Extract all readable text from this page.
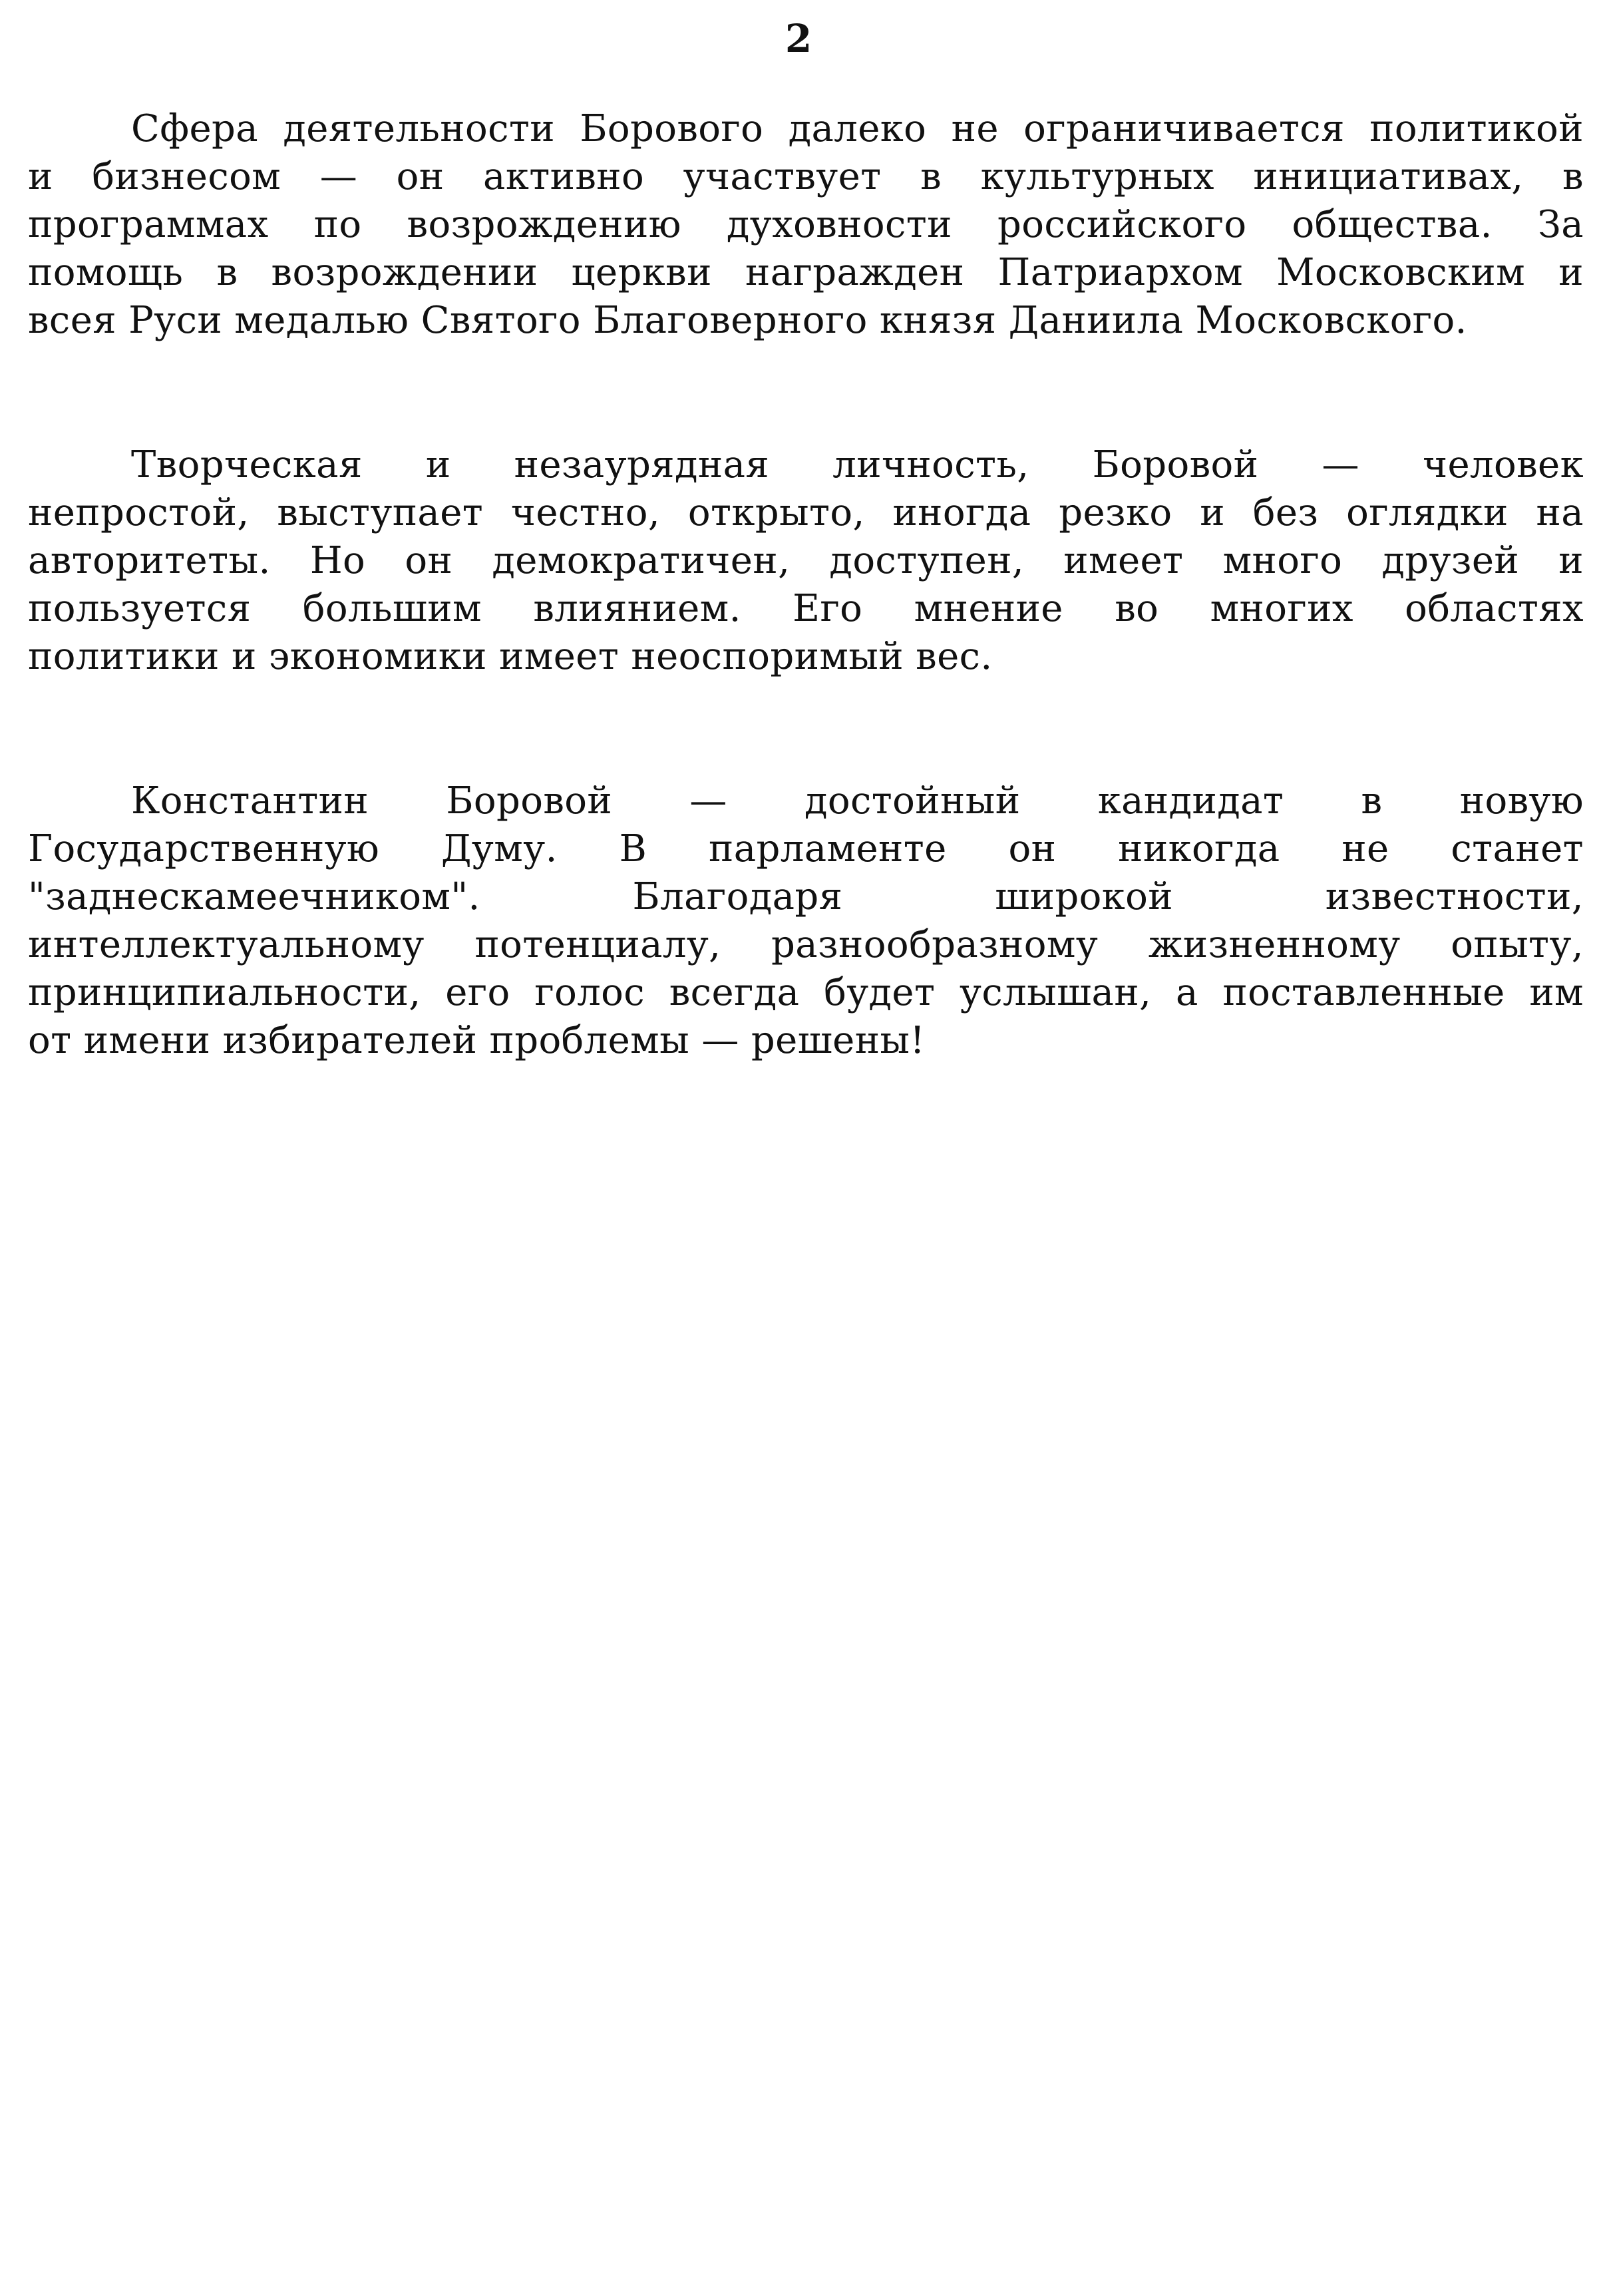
2
Сфера деятельности Борового далеко не ограничивается политикой
и бизнесом — он активно участвует в культурных инициативах, в
программах по возрождению духовности российского общества. За
помощь в возрождении церкви награжден Патриархом Московским и
всея Руси медалью Святого Благоверного князя Даниила Московского.
Творческая и незаурядная личность, Боровой — человек
непростой, выступает честно, открыто, иногда резко и без оглядки на
авторитеты. Но он демократичен, доступен, имеет много друзей и
пользуется большим влиянием. Его мнение во многих областях
политики и экономики имеет неоспоримый вес.
Константин Боровой — достойный кандидат в новую
Государственную Думу. В парламенте он никогда не станет
"заднескамеечником". Благодаря широкой известности,
интеллектуальному потенциалу, разнообразному жизненному опыту,
принципиальности, его голос всегда будет услышан, а поставленные им
от имени избирателей проблемы — решены!
